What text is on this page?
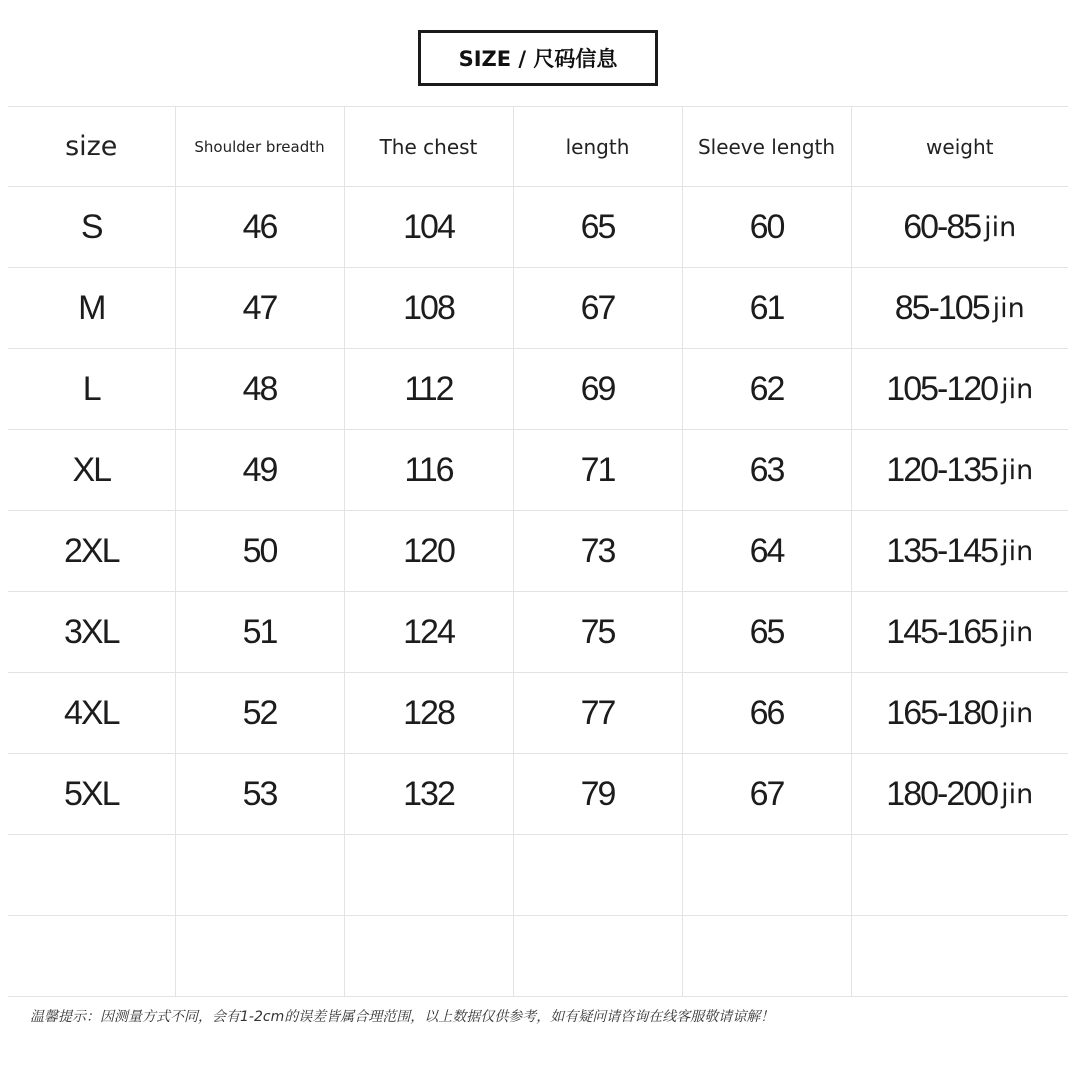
SIZE / 尺码信息
size	Shoulder breadth	The chest	length	Sleeve length	weight
S	46	104	65	60	60-85 jin
M	47	108	67	61	85-105 jin
L	48	112	69	62	105-120 jin
XL	49	116	71	63	120-135 jin
2XL	50	120	73	64	135-145 jin
3XL	51	124	75	65	145-165 jin
4XL	52	128	77	66	165-180 jin
5XL	53	132	79	67	180-200 jin

温馨提示：因测量方式不同，会有1-2cm的误差皆属合理范围，以上数据仅供参考，如有疑问请咨询在线客服敬请谅解！
